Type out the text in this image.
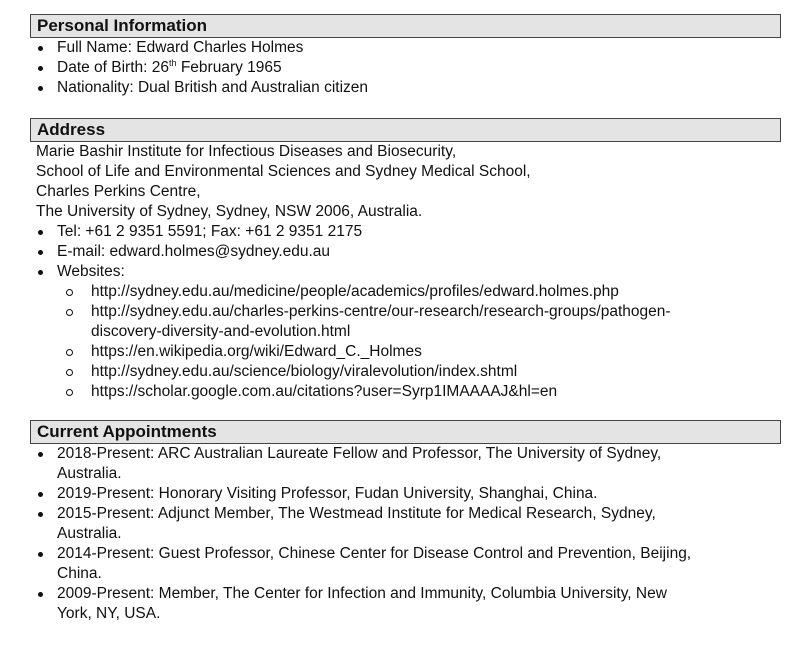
Personal Information
Full Name: Edward Charles Holmes
Date of Birth: 26th February 1965
Nationality: Dual British and Australian citizen
Address
Marie Bashir Institute for Infectious Diseases and Biosecurity,
School of Life and Environmental Sciences and Sydney Medical School,
Charles Perkins Centre,
The University of Sydney, Sydney, NSW 2006, Australia.
Tel: +61 2 9351 5591; Fax: +61 2 9351 2175
E-mail: edward.holmes@sydney.edu.au
Websites:
http://sydney.edu.au/medicine/people/academics/profiles/edward.holmes.php
http://sydney.edu.au/charles-perkins-centre/our-research/research-groups/pathogen-
discovery-diversity-and-evolution.html
https://en.wikipedia.org/wiki/Edward_C._Holmes
http://sydney.edu.au/science/biology/viralevolution/index.shtml
https://scholar.google.com.au/citations?user=Syrp1IMAAAAJ&hl=en
Current Appointments
2018-Present: ARC Australian Laureate Fellow and Professor, The University of Sydney,
Australia.
2019-Present: Honorary Visiting Professor, Fudan University, Shanghai, China.
2015-Present: Adjunct Member, The Westmead Institute for Medical Research, Sydney,
Australia.
2014-Present: Guest Professor, Chinese Center for Disease Control and Prevention, Beijing,
China.
2009-Present: Member, The Center for Infection and Immunity, Columbia University, New
York, NY, USA.
